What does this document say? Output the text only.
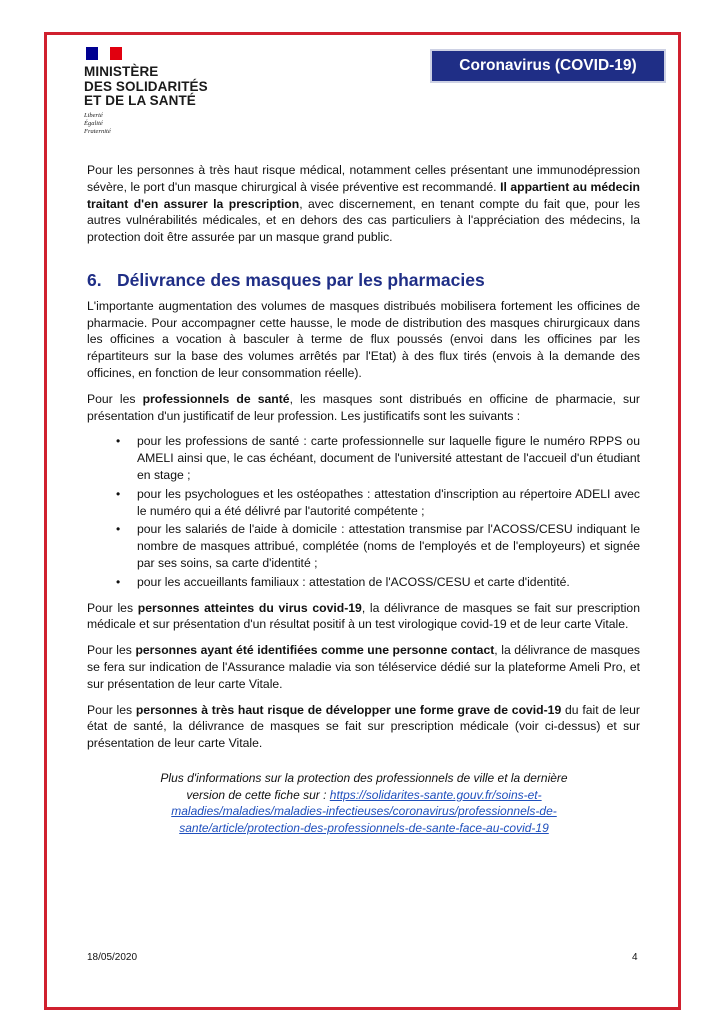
MINISTÈRE
DES SOLIDARITÉS
ET DE LA SANTÉ
Liberté
Égalité
Fraternité
Coronavirus (COVID-19)

Pour les personnes à très haut risque médical, notamment celles présentant une immunodépression sévère, le port d'un masque chirurgical à visée préventive est recommandé. Il appartient au médecin traitant d'en assurer la prescription, avec discernement, en tenant compte du fait que, pour les autres vulnérabilités médicales, et en dehors des cas particuliers à l'appréciation des médecins, la protection doit être assurée par un masque grand public.

6. Délivrance des masques par les pharmacies

L'importante augmentation des volumes de masques distribués mobilisera fortement les officines de pharmacie. Pour accompagner cette hausse, le mode de distribution des masques chirurgicaux dans les officines a vocation à basculer à terme de flux poussés (envoi dans les officines par les répartiteurs sur la base des volumes arrêtés par l'Etat) à des flux tirés (envois à la demande des officines, en fonction de leur consommation réelle).

Pour les professionnels de santé, les masques sont distribués en officine de pharmacie, sur présentation d'un justificatif de leur profession. Les justificatifs sont les suivants :

• pour les professions de santé : carte professionnelle sur laquelle figure le numéro RPPS ou AMELI ainsi que, le cas échéant, document de l'université attestant de l'accueil d'un étudiant en stage ;
• pour les psychologues et les ostéopathes : attestation d'inscription au répertoire ADELI avec le numéro qui a été délivré par l'autorité compétente ;
• pour les salariés de l'aide à domicile : attestation transmise par l'ACOSS/CESU indiquant le nombre de masques attribué, complétée (noms de l'employés et de l'employeurs) et signée par ses soins, sa carte d'identité ;
• pour les accueillants familiaux : attestation de l'ACOSS/CESU et carte d'identité.

Pour les personnes atteintes du virus covid-19, la délivrance de masques se fait sur prescription médicale et sur présentation d'un résultat positif à un test virologique covid-19 et de leur carte Vitale.

Pour les personnes ayant été identifiées comme une personne contact, la délivrance de masques se fera sur indication de l'Assurance maladie via son téléservice dédié sur la plateforme Ameli Pro, et sur présentation de leur carte Vitale.

Pour les personnes à très haut risque de développer une forme grave de covid-19 du fait de leur état de santé, la délivrance de masques se fait sur prescription médicale (voir ci-dessus) et sur présentation de leur carte Vitale.

Plus d'informations sur la protection des professionnels de ville et la dernière version de cette fiche sur : https://solidarites-sante.gouv.fr/soins-et-maladies/maladies/maladies-infectieuses/coronavirus/professionnels-de-sante/article/protection-des-professionnels-de-sante-face-au-covid-19
18/05/2020	4
